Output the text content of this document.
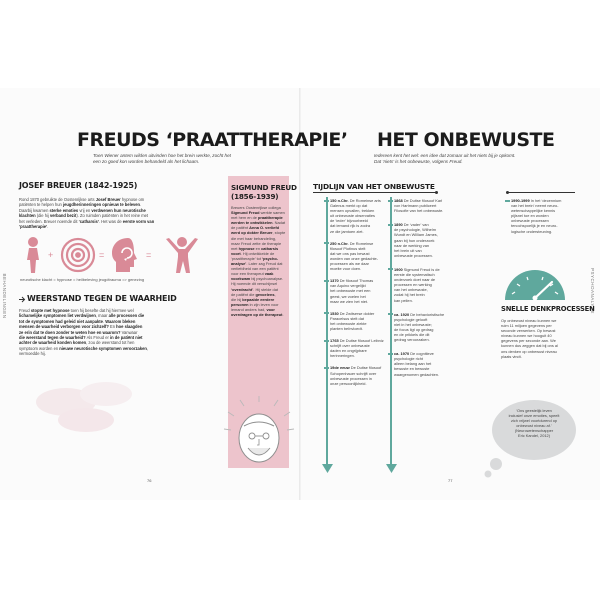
BEHANDELINGEN
FREUDS ‘PRAATTHERAPIE’
Toen Wiener antem wilden uitvinden hoe het brein werkte, zocht het
een zo goed kon worden behandeld als het lichaam.
JOSEF BREUER (1842-1925)
Rond 1870 gebruikte de Oostenrijkse arts Josef Breuer hypnose om
patiënten te helpen hun jeugdherinneringen opnieuw te beleven.
Daarbij kwamen sterke emoties vrij en verdwenen hun neurotische
klachten (die hij verband bezit). Zo ruimden patiënten in het reine met
het verleden. Breuer noemde dit ‘catharsis’. Het was de eerste vorm van
‘praattherapie’.
+	=	=
neurotische klacht = hypnose = heilbeleving jeugdtrauma => genezing
WEERSTAND TEGEN DE WAARHEID
Freud stopte met hypnose toen hij besefte dat hij hiermee wel
lichamelijke symptomen liet verdwijnen, maar alle processen die
tot de symptomen had geleid niet aanpakte. Waarom bleken
mensen de waarheid verborgen voor zichzelf? En hoe slaagden
ze erin dat te doen zonder te weten hoe en waarom? Vanwaar
die weerstand tegen de waarheid? Als Freud er in de patiënt niet
achter de waarheid konden komen, zou de weerstand tot hen
symptoom worden en nieuwe neurotische symptomen veroorzaken,
vermoedde hij.
SIGMUND FREUD
(1856-1939)
Breuers Oostenrijkse collega
Sigmund Freud werkte samen
met hem en de praattherapie
werden te ontwikkelen. Nadat
de patiënt Anna O. verliefd
werd op dokter Breuer, stopte
die met haar behandeling,
maar Freud zette de therapie
met hypnose en catharsis
voort. Hij ontwikkelde de
‘praattherapie’ tot ‘psycho-
analyse’. Later zag Freud dat
verliefdheid van een patiënt
voor een therapeut vaak
voorkwam bij psychoanalyse.
Hij noemde dit verschijnsel
‘overdracht’. Hij stelde dat
de patiënt die gevoelens,
die hij bepaalde eerdere
personen in zijn leven voor
iemand anders had, voor
overdragen op de therapeut.
76
PSYCHOANALYSE
HET ONBEWUSTE
Iedereen kent het wel: een idee dat zomaar uit het niets bij je opkomt.
Dat ‘niets’ is het onbewuste, volgens Freud.
TIJDLIJN VAN HET ONBEWUSTE
150 n.Chr. De Romeinse arts
Galenus merkt op dat
mensen opvallen, trekken
uit onbewuste observaties
de ‘ieder’ bijvoorbeeld
dat iemand rijk is zodra
ze die jamtoen ziet.
250 n.Chr. De Romeinse
filosoof Plotinus stelt
dat we ons pas bewust
worden van onze gedachte-
processen als we daar
moeite voor doen.
1370 De filosoof Thomas
van Aquino vergelijkt
het onbewuste met een
geest, we voelen het
maar we zien het niet.
1530 De Zwitserse dokter
Paracelsus stelt dat
het onbewuste ziekte
planten beïnvloedt.
1765 De Duitse filosoof Leibniz
schrijft over onbewuste
daden en ongrijpbare
herinneringen.
19de eeuw De Duitse filosoof
Schopenhauer schrijft over
onbewuste processen in
onze persoonlijkheid.
1868 De Duitse filosoof Karl
von Hartmann publiceert
Filosofie van het onbewuste.
1890 De ‘vader’ van
de psychologie, Wilhelm
Wundt en William James,
gaan bij hun onderzoek
naar de werking van
het brein uit van
onbewuste processen.
1900 Sigmund Freud is de
eerste die systematisch
onderzoek doet naar de
processen en werking
van het onbewuste,
zodat hij het brein
kan peilen.
ca. 1920 De behavioristische
psychologie gelooft
niet in het onbewuste;
de focus ligt op gedrag
en de prikkels die dit
gedrag veroorzaken.
ca. 1970 De cognitieve
psychologie richt
alleen belang aan het
bewuste en bewuste
waargenomen gedachten.
1990-1999 In het ‘decennium
van het brein’ neemt neuro-
wetenschappelijke kennis
pijlsnel toe en worden
onbewuste processen
tenochspoelijk je en neuro-
logische ondersteuning.
SNELLE DENKPROCESSEN
Op onbewust niveau kunnen we
ruim 11 miljoen gegevens per
seconde verwerken. Op bewust
niveau kunnen we hooguit 40
gegevens per seconde aan. We
kunnen dus zeggen dat bij ons al
ons denken op onbewust niveau
plaats vindt.
‘Ons geestelijk leven
inclusief onze emoties, speelt
zich vrijwel voortdurend op
onbewust niveau af.’
(Neurowetenschapper
Eric Kandel, 2012)
77
